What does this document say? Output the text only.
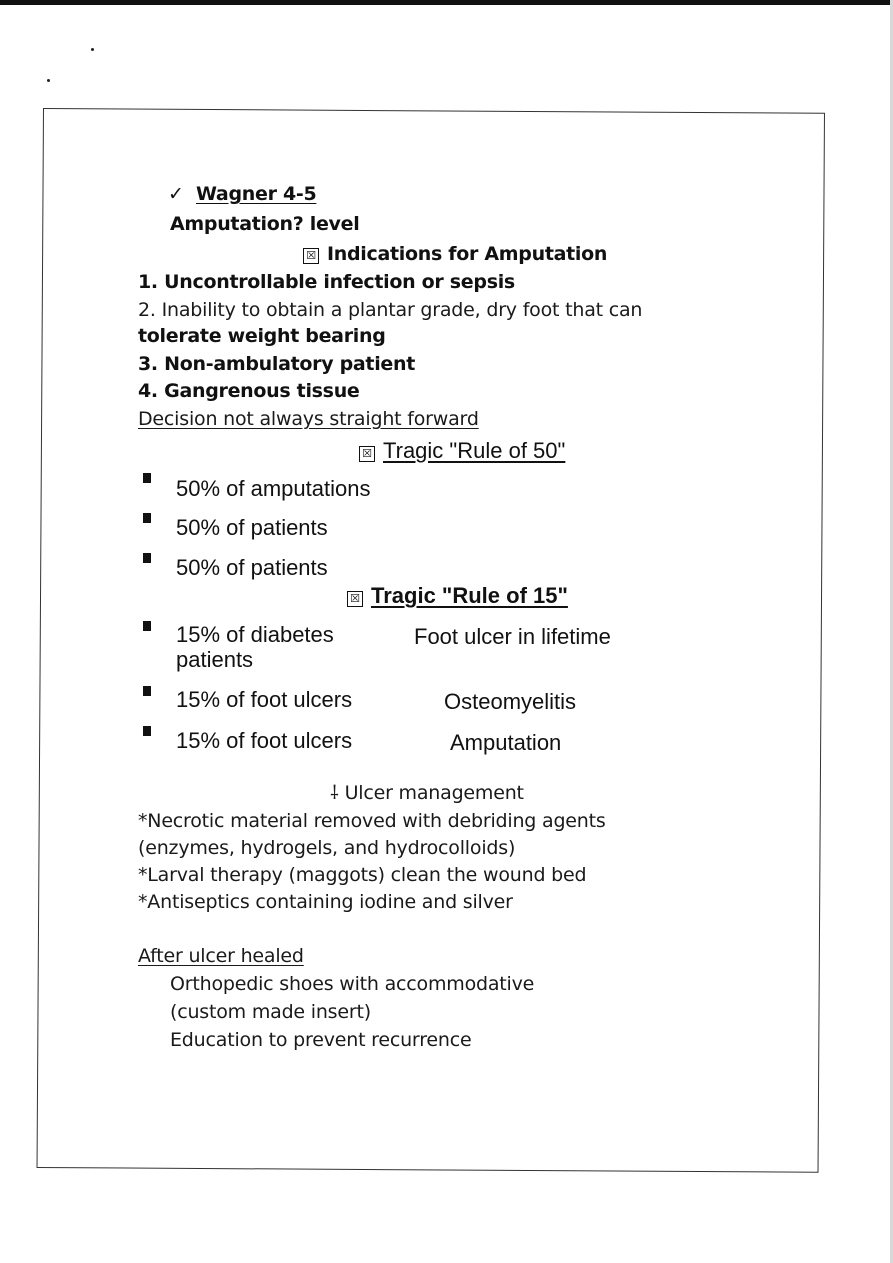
✓ Wagner 4-5
Amputation? level
☒ Indications for Amputation
1. Uncontrollable infection or sepsis
2. Inability to obtain a plantar grade, dry foot that can
tolerate weight bearing
3. Non-ambulatory patient
4. Gangrenous tissue
Decision not always straight forward
☒ Tragic "Rule of 50"
50% of amputations
50% of patients
50% of patients
☒ Tragic "Rule of 15"
15% of diabetes
patients
Foot ulcer in lifetime
15% of foot ulcers	Osteomyelitis
15% of foot ulcers	Amputation
⸸ Ulcer management
*Necrotic material removed with debriding agents
(enzymes, hydrogels, and hydrocolloids)
*Larval therapy (maggots) clean the wound bed
*Antiseptics containing iodine and silver
After ulcer healed
Orthopedic shoes with accommodative
(custom made insert)
Education to prevent recurrence
